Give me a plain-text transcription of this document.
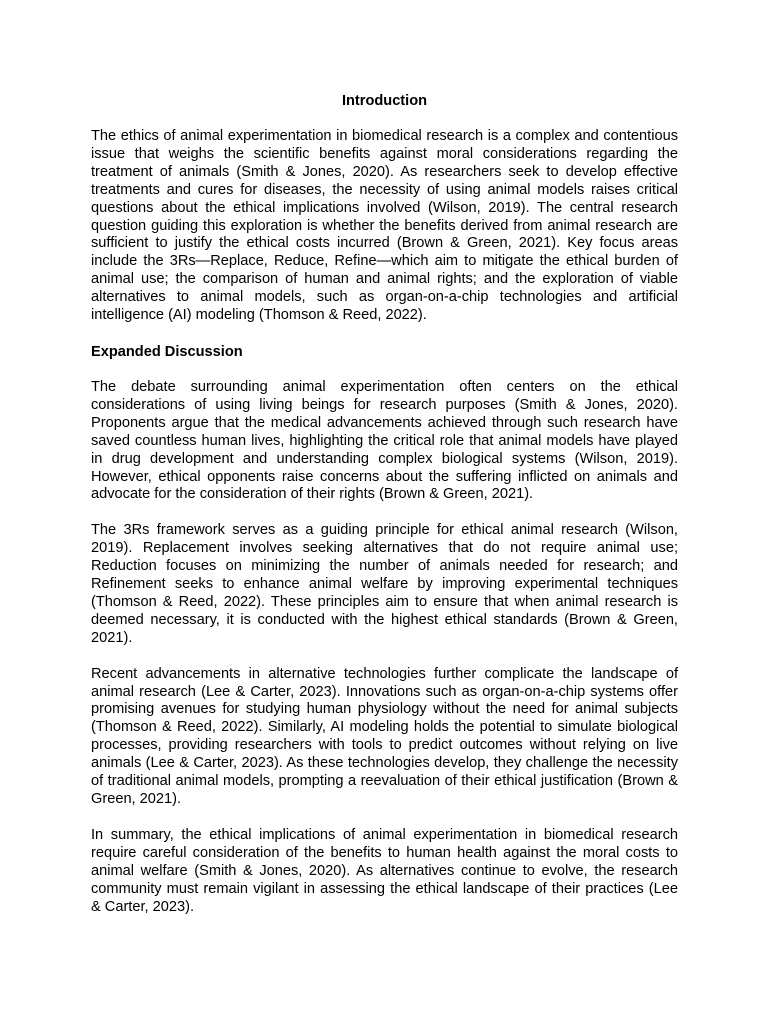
Introduction

The ethics of animal experimentation in biomedical research is a complex and contentious issue that weighs the scientific benefits against moral considerations regarding the treatment of animals (Smith & Jones, 2020). As researchers seek to develop effective treatments and cures for diseases, the necessity of using animal models raises critical questions about the ethical implications involved (Wilson, 2019). The central research question guiding this exploration is whether the benefits derived from animal research are sufficient to justify the ethical costs incurred (Brown & Green, 2021). Key focus areas include the 3Rs—Replace, Reduce, Refine—which aim to mitigate the ethical burden of animal use; the comparison of human and animal rights; and the exploration of viable alternatives to animal models, such as organ-on-a-chip technologies and artificial intelligence (AI) modeling (Thomson & Reed, 2022).

Expanded Discussion

The debate surrounding animal experimentation often centers on the ethical considerations of using living beings for research purposes (Smith & Jones, 2020). Proponents argue that the medical advancements achieved through such research have saved countless human lives, highlighting the critical role that animal models have played in drug development and understanding complex biological systems (Wilson, 2019). However, ethical opponents raise concerns about the suffering inflicted on animals and advocate for the consideration of their rights (Brown & Green, 2021).

The 3Rs framework serves as a guiding principle for ethical animal research (Wilson, 2019). Replacement involves seeking alternatives that do not require animal use; Reduction focuses on minimizing the number of animals needed for research; and Refinement seeks to enhance animal welfare by improving experimental techniques (Thomson & Reed, 2022). These principles aim to ensure that when animal research is deemed necessary, it is conducted with the highest ethical standards (Brown & Green, 2021).

Recent advancements in alternative technologies further complicate the landscape of animal research (Lee & Carter, 2023). Innovations such as organ-on-a-chip systems offer promising avenues for studying human physiology without the need for animal subjects (Thomson & Reed, 2022). Similarly, AI modeling holds the potential to simulate biological processes, providing researchers with tools to predict outcomes without relying on live animals (Lee & Carter, 2023). As these technologies develop, they challenge the necessity of traditional animal models, prompting a reevaluation of their ethical justification (Brown & Green, 2021).

In summary, the ethical implications of animal experimentation in biomedical research require careful consideration of the benefits to human health against the moral costs to animal welfare (Smith & Jones, 2020). As alternatives continue to evolve, the research community must remain vigilant in assessing the ethical landscape of their practices (Lee & Carter, 2023).
